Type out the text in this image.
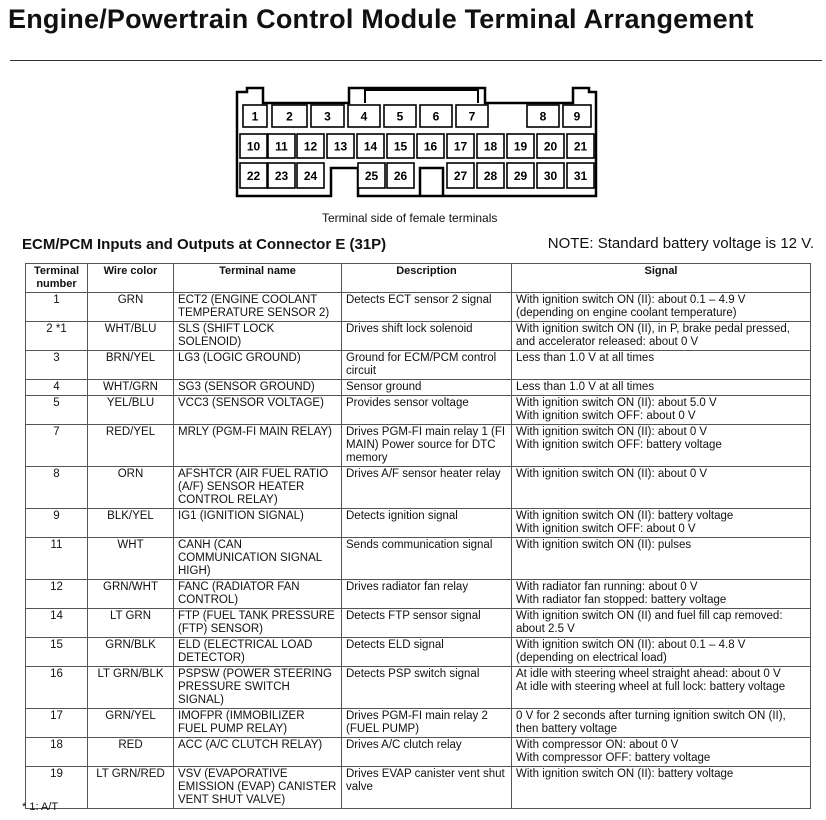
Engine/Powertrain Control Module Terminal Arrangement
1 2	3 4 5 6 7	8 9
10 11 12 13 14 15 16 17 18 19 20 21
22 23 24	25 26	27 28 29 30 31
Terminal side of female terminals
ECM/PCM Inputs and Outputs at Connector E (31P)	NOTE: Standard battery voltage is 12 V.
Terminal number	Wire color	Terminal name	Description	Signal
1	GRN	ECT2 (ENGINE COOLANT TEMPERATURE SENSOR 2)	Detects ECT sensor 2 signal	With ignition switch ON (II): about 0.1 – 4.9 V (depending on engine coolant temperature)
2 *1	WHT/BLU	SLS (SHIFT LOCK SOLENOID)	Drives shift lock solenoid	With ignition switch ON (II), in P, brake pedal pressed, and accelerator released: about 0 V
3	BRN/YEL	LG3 (LOGIC GROUND)	Ground for ECM/PCM control circuit	Less than 1.0 V at all times
4	WHT/GRN	SG3 (SENSOR GROUND)	Sensor ground	Less than 1.0 V at all times
5	YEL/BLU	VCC3 (SENSOR VOLTAGE)	Provides sensor voltage	With ignition switch ON (II): about 5.0 V
With ignition switch OFF: about 0 V
7	RED/YEL	MRLY (PGM-FI MAIN RELAY)	Drives PGM-FI main relay 1 (FI MAIN) Power source for DTC memory	With ignition switch ON (II): about 0 V
With ignition switch OFF: battery voltage
8	ORN	AFSHTCR (AIR FUEL RATIO (A/F) SENSOR HEATER CONTROL RELAY)	Drives A/F sensor heater relay	With ignition switch ON (II): about 0 V
9	BLK/YEL	IG1 (IGNITION SIGNAL)	Detects ignition signal	With ignition switch ON (II): battery voltage
With ignition switch OFF: about 0 V
11	WHT	CANH (CAN COMMUNICATION SIGNAL HIGH)	Sends communication signal	With ignition switch ON (II): pulses
12	GRN/WHT	FANC (RADIATOR FAN CONTROL)	Drives radiator fan relay	With radiator fan running: about 0 V
With radiator fan stopped: battery voltage
14	LT GRN	FTP (FUEL TANK PRESSURE (FTP) SENSOR)	Detects FTP sensor signal	With ignition switch ON (II) and fuel fill cap removed: about 2.5 V
15	GRN/BLK	ELD (ELECTRICAL LOAD DETECTOR)	Detects ELD signal	With ignition switch ON (II): about 0.1 – 4.8 V (depending on electrical load)
16	LT GRN/BLK	PSPSW (POWER STEERING PRESSURE SWITCH SIGNAL)	Detects PSP switch signal	At idle with steering wheel straight ahead: about 0 V
At idle with steering wheel at full lock: battery voltage
17	GRN/YEL	IMOFPR (IMMOBILIZER FUEL PUMP RELAY)	Drives PGM-FI main relay 2 (FUEL PUMP)	0 V for 2 seconds after turning ignition switch ON (II), then battery voltage
18	RED	ACC (A/C CLUTCH RELAY)	Drives A/C clutch relay	With compressor ON: about 0 V
With compressor OFF: battery voltage
19	LT GRN/RED	VSV (EVAPORATIVE EMISSION (EVAP) CANISTER VENT SHUT VALVE)	Drives EVAP canister vent shut valve	With ignition switch ON (II): battery voltage
* 1: A/T
